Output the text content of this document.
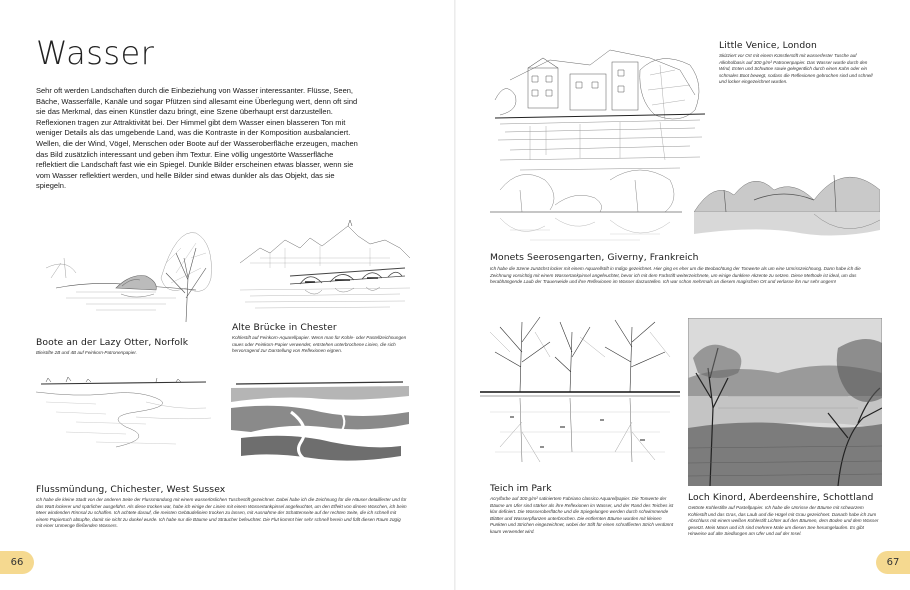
Wasser
Sehr oft werden Landschaften durch die Einbeziehung von Wasser interessanter. Flüsse, Seen, Bäche, Wasserfälle, Kanäle und sogar Pfützen sind allesamt eine Überlegung wert, denn oft sind sie das Merkmal, das einen Künstler dazu bringt, eine Szene überhaupt erst darzustellen. Reflexionen tragen zur Attraktivität bei. Der Himmel gibt dem Wasser einen blasseren Ton mit weniger Details als das umgebende Land, was die Kontraste in der Komposition ausbalanciert. Wellen, die der Wind, Vögel, Menschen oder Boote auf der Wasseroberfläche erzeugen, machen das Bild zusätzlich interessant und geben ihm Textur. Eine völlig ungestörte Wasserfläche reflektiert die Landschaft fast wie ein Spiegel. Dunkle Bilder erscheinen etwas blasser, wenn sie vom Wasser reflektiert werden, und helle Bilder sind etwas dunkler als das Objekt, das sie spiegeln.
Boote an der Lazy Otter, Norfolk
Bleistifte 2B und 4B auf Feinkorn-Patronenpapier.
Alte Brücke in Chester
Kohlestift auf Feinkorn-Aquarellpapier. Wenn man für Kohle- oder Pastellzeichnungen raues oder Feinkorn-Papier verwendet, entstehen unterbrochene Linien, die sich hervorragend zur Darstellung von Reflexionen eignen.
Flussmündung, Chichester, West Sussex
Ich habe die kleine Stadt von der anderen Seite der Flussmündung mit einem wasserlöslichen Tuschestift gezeichnet. Dabei habe ich die Zeichnung für die Häuser detaillierter und für das Watt lockerer und spärlicher ausgeführt. Als diese trocken war, habe ich einige der Linien mit einem Wassertankpinsel angefeuchtet, um den Effekt von dinnen Waschen, ich beim Meer windenden Rinnsal zu schaffen. Ich achtete darauf, die meisten Gebäudelinien trocken zu lassen, mit Ausnahme der Schattenseite auf der rechten Seite, die ich schnell mit einem Papiertuch abtupfte, damit sie nicht zu dunkel wurde. Ich habe nur die Bäume und Sträucher befeuchtet. Die Flut kommt hier sehr schnell herein und füllt diesen Raum zügig mit einer Unmenge fließenden Wassers.
66
Little Venice, London
Skizziert vor Ort mit einem Künstlerstift mit wasserfester Tusche auf Alkoholbasis auf 300 g/m² Patronenpapier. Das Wasser wurde durch den Wind, Enten und Schwäne sowie gelegentlich durch einen Kahn oder ein schmales Boot bewegt, sodass die Reflexionen gebrochen sind und schnell und locker eingezeichnet wurden.
Monets Seerosengarten, Giverny, Frankreich
Ich habe die Szene zunächst locker mit einem Aquarellstift in Indigo gezeichnet. Hier ging es eher um die Beobachtung der Tonwerte als um eine Umrisszeichnung. Dann habe ich die Zeichnung vorsichtig mit einem Wassertankpinsel angefeuchtet, bevor ich mit dem Farbstift weiterzeichnete, um einige dunklere Akzente zu setzen. Diese Methode ist ideal, um das herabhängende Laub der Trauerweide und ihre Reflexionen im Wasser darzustellen. Ich war schon mehrmals an diesem magischen Ort und verlasse ihn nur sehr ungern!
Teich im Park
Acrylfarbe auf 300 g/m² satiniertem Fabriano classico Aquarellpapier. Die Tonwerte der Bäume am Ufer sind stärker als ihre Reflexionen im Wasser, und der Rand des Teiches ist klar definiert. Die Wasseroberfläche und die Spiegelungen werden durch schwimmende Blätter und Wasserpflanzen unterbrochen. Die entfernten Bäume wurden mit kleinen Punkten und Strichen eingezeichnet, wobei der Stift für einen schraffierten Strich verdünnt kaum verwendet wird.
Loch Kinord, Aberdeenshire, Schottland
Getönte Kohlestifte auf Pastellpapier. Ich habe die Umrisse der Bäume mit schwarzem Kohlestift und das Gras, das Laub und die Hügel mit Grau gezeichnet. Danach habe ich zum Abschluss mit einem weißen Kohlestift Lichter auf den Bäumen, dem Boden und dem Wasser gesetzt. Mein Mann und ich sind mehrere Male um diesen See herumgelaufen. Es gibt Hinweise auf alte Siedlungen am Ufer und auf der Insel.
67
